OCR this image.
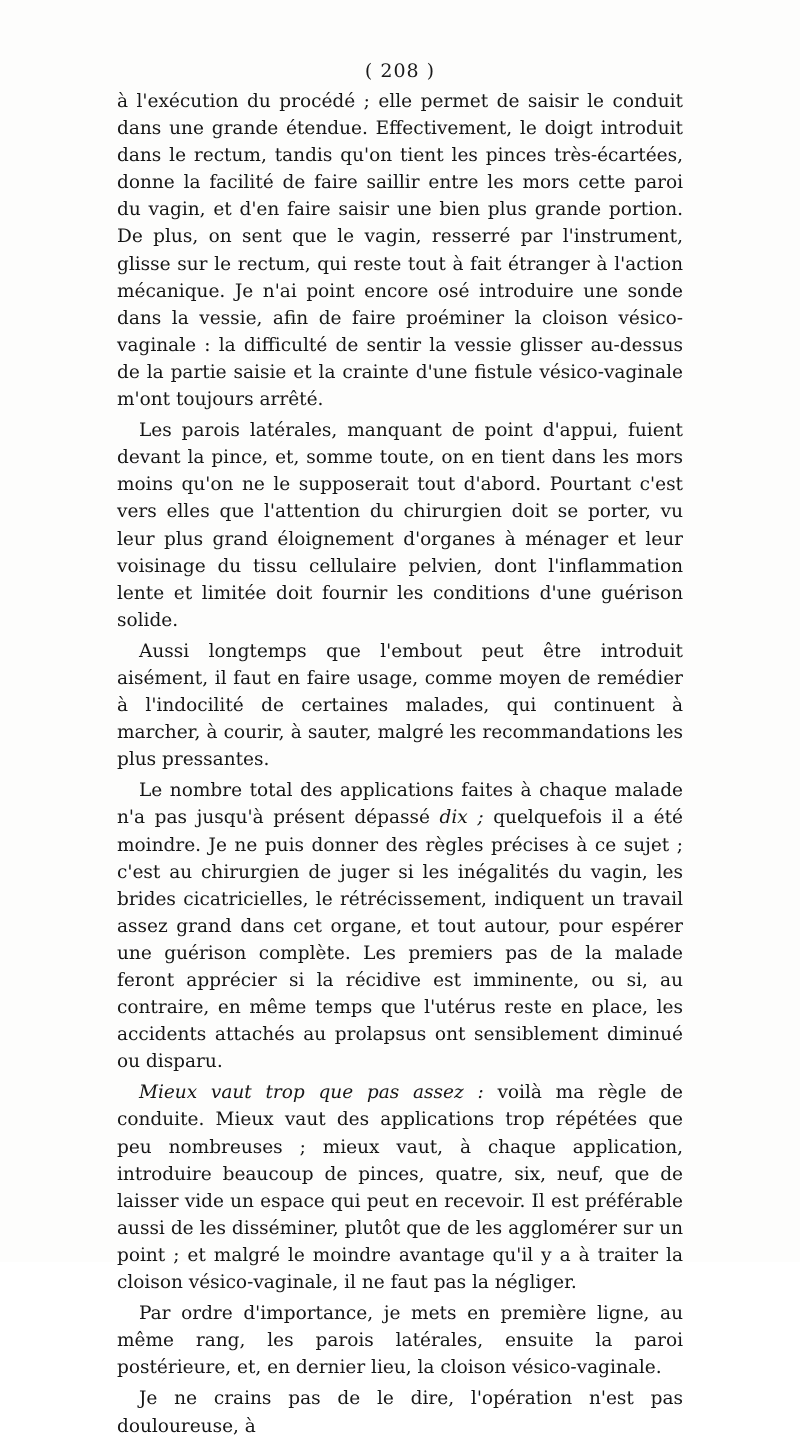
( 208 )

à l'exécution du procédé ; elle permet de saisir le conduit dans une grande étendue. Effectivement, le doigt introduit dans le rectum, tandis qu'on tient les pinces très-écartées, donne la facilité de faire saillir entre les mors cette paroi du vagin, et d'en faire saisir une bien plus grande portion. De plus, on sent que le vagin, resserré par l'instrument, glisse sur le rectum, qui reste tout à fait étranger à l'action mécanique. Je n'ai point encore osé introduire une sonde dans la vessie, afin de faire proéminer la cloison vésico-vaginale : la difficulté de sentir la vessie glisser au-dessus de la partie saisie et la crainte d'une fistule vésico-vaginale m'ont toujours arrêté.

Les parois latérales, manquant de point d'appui, fuient devant la pince, et, somme toute, on en tient dans les mors moins qu'on ne le supposerait tout d'abord. Pourtant c'est vers elles que l'attention du chirurgien doit se porter, vu leur plus grand éloignement d'organes à ménager et leur voisinage du tissu cellulaire pelvien, dont l'inflammation lente et limitée doit fournir les conditions d'une guérison solide.

Aussi longtemps que l'embout peut être introduit aisément, il faut en faire usage, comme moyen de remédier à l'indocilité de certaines malades, qui continuent à marcher, à courir, à sauter, malgré les recommandations les plus pressantes.

Le nombre total des applications faites à chaque malade n'a pas jusqu'à présent dépassé dix ; quelquefois il a été moindre. Je ne puis donner des règles précises à ce sujet ; c'est au chirurgien de juger si les inégalités du vagin, les brides cicatricielles, le rétrécissement, indiquent un travail assez grand dans cet organe, et tout autour, pour espérer une guérison complète. Les premiers pas de la malade feront apprécier si la récidive est imminente, ou si, au contraire, en même temps que l'utérus reste en place, les accidents attachés au prolapsus ont sensiblement diminué ou disparu.

Mieux vaut trop que pas assez : voilà ma règle de conduite. Mieux vaut des applications trop répétées que peu nombreuses ; mieux vaut, à chaque application, introduire beaucoup de pinces, quatre, six, neuf, que de laisser vide un espace qui peut en recevoir. Il est préférable aussi de les disséminer, plutôt que de les agglomérer sur un point ; et malgré le moindre avantage qu'il y a à traiter la cloison vésico-vaginale, il ne faut pas la négliger.

Par ordre d'importance, je mets en première ligne, au même rang, les parois latérales, ensuite la paroi postérieure, et, en dernier lieu, la cloison vésico-vaginale.

Je ne crains pas de le dire, l'opération n'est pas douloureuse, à
